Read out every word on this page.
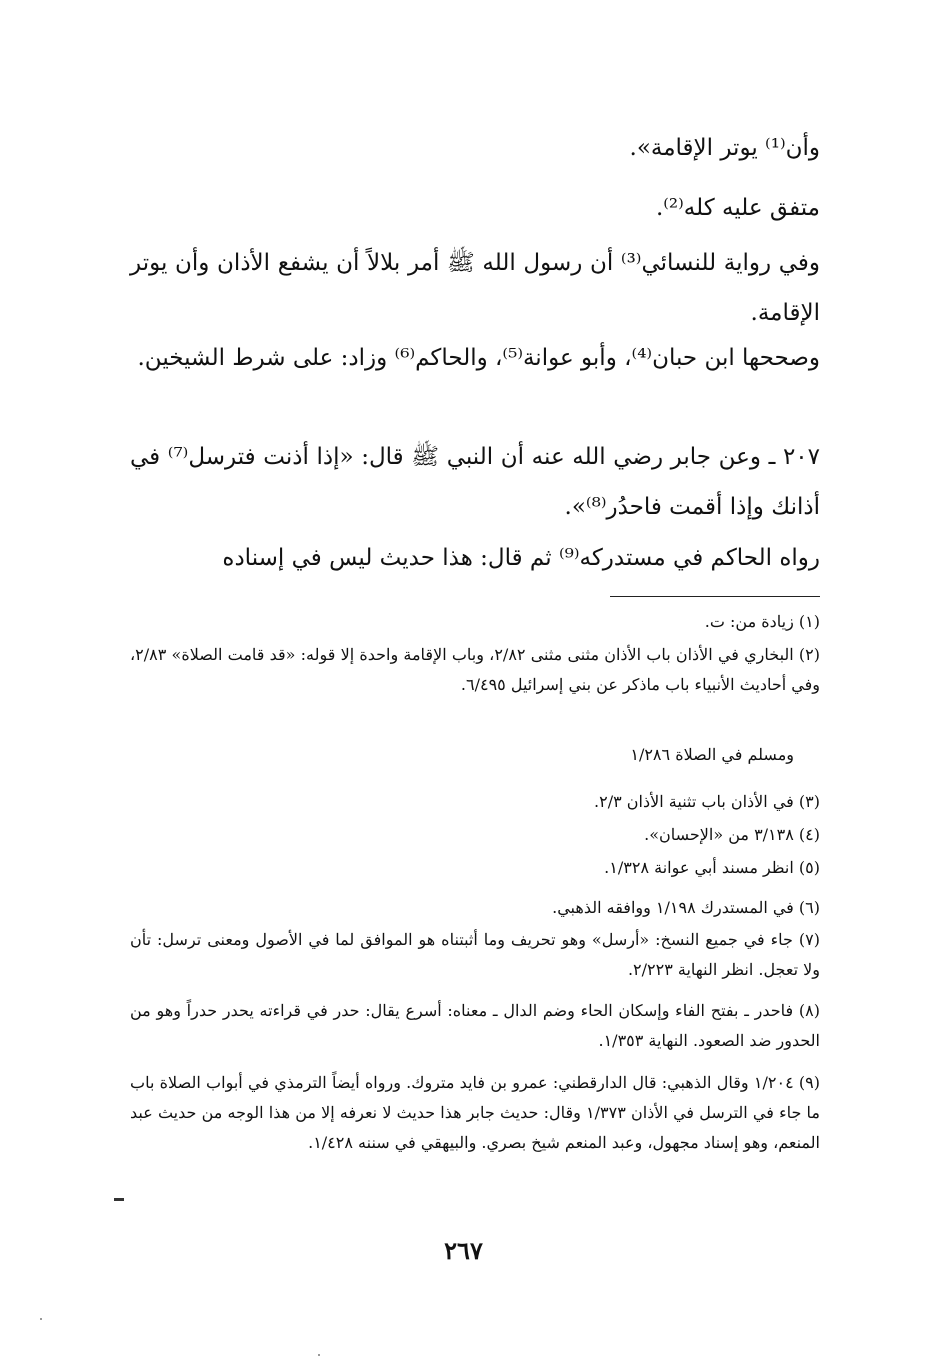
وأن⁽¹⁾ يوتر الإقامة».

متفق عليه كله⁽²⁾.

وفي رواية للنسائي⁽³⁾ أن رسول الله ﷺ أمر بلالاً أن يشفع الأذان وأن يوتر الإقامة.

وصححها ابن حبان⁽⁴⁾، وأبو عوانة⁽⁵⁾، والحاكم⁽⁶⁾ وزاد: على شرط الشيخين.

٢٠٧ ـ وعن جابر رضي الله عنه أن النبي ﷺ قال: «إذا أذنت فترسل⁽⁷⁾ في أذانك وإذا أقمت فاحدُر⁽⁸⁾».

رواه الحاكم في مستدركه⁽⁹⁾ ثم قال: هذا حديث ليس في إسناده

(١) زيادة من: ت.

(٢) البخاري في الأذان باب الأذان مثنى مثنى ٢/٨٢، وباب الإقامة واحدة إلا قوله: «قد قامت الصلاة» ٢/٨٣، وفي أحاديث الأنبياء باب ماذكر عن بني إسرائيل ٦/٤٩٥.

ومسلم في الصلاة ١/٢٨٦

(٣) في الأذان باب تثنية الأذان ٢/٣.

(٤) ٣/١٣٨ من «الإحسان».

(٥) انظر مسند أبي عوانة ١/٣٢٨.

(٦) في المستدرك ١/١٩٨ ووافقه الذهبي.

(٧) جاء في جميع النسخ: «أرسل» وهو تحريف وما أثبتناه هو الموافق لما في الأصول ومعنى ترسل: تأن ولا تعجل. انظر النهاية ٢/٢٢٣.

(٨) فاحدر ـ بفتح الفاء وإسكان الحاء وضم الدال ـ معناه: أسرع يقال: حدر في قراءته يحدر حدراً وهو من الحدور ضد الصعود. النهاية ١/٣٥٣.

(٩) ١/٢٠٤ وقال الذهبي: قال الدارقطني: عمرو بن فايد متروك. ورواه أيضاً الترمذي في أبواب الصلاة باب ما جاء في الترسل في الأذان ١/٣٧٣ وقال: حديث جابر هذا حديث لا نعرفه إلا من هذا الوجه من حديث عبد المنعم، وهو إسناد مجهول، وعبد المنعم شيخ بصري. والبيهقي في سننه ١/٤٢٨.

٢٦٧
